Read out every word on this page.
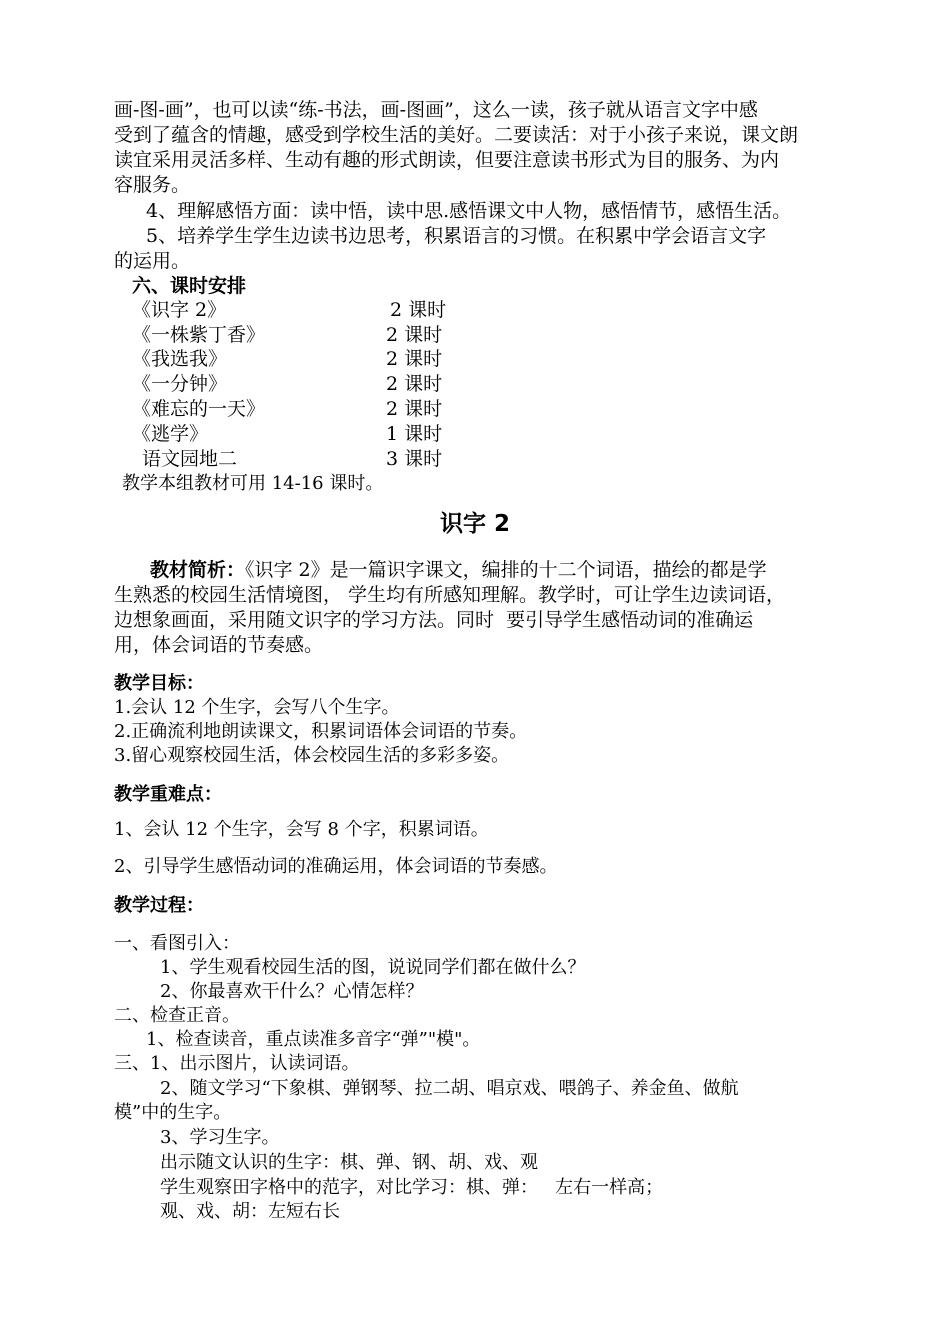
画-图-画”，也可以读“练-书法，画-图画”，这么一读，孩子就从语言文字中感
受到了蕴含的情趣，感受到学校生活的美好。二要读活：对于小孩子来说，课文朗
读宜采用灵活多样、生动有趣的形式朗读，但要注意读书形式为目的服务、为内
容服务。
4、理解感悟方面：读中悟，读中思.感悟课文中人物，感悟情节，感悟生活。
5、培养学生学生边读书边思考，积累语言的习惯。在积累中学会语言文字
的运用。
六、课时安排
《识字 2》	2 课时
《一株紫丁香》	2 课时
《我选我》	2 课时
《一分钟》	2 课时
《难忘的一天》	2 课时
《逃学》	1 课时
语文园地二	3 课时
教学本组教材可用 14-16 课时。
识字 2
教材简析：《识字 2》是一篇识字课文，编排的十二个词语，描绘的都是学
生熟悉的校园生活情境图， 学生均有所感知理解。教学时，可让学生边读词语，
边想象画面，采用随文识字的学习方法。同时  要引导学生感悟动词的准确运
用，体会词语的节奏感。
教学目标：
1.会认 12 个生字，会写八个生字。
2.正确流利地朗读课文，积累词语体会词语的节奏。
3.留心观察校园生活，体会校园生活的多彩多姿。
教学重难点：
1、会认 12 个生字，会写 8 个字，积累词语。
2、引导学生感悟动词的准确运用，体会词语的节奏感。
教学过程：
一、看图引入：
1、学生观看校园生活的图，说说同学们都在做什么？
2、你最喜欢干什么？心情怎样？
二、检查正音。
1、检查读音，重点读准多音字“弹”"模"。
三、1、出示图片，认读词语。
2、随文学习“下象棋、弹钢琴、拉二胡、唱京戏、喂鸽子、养金鱼、做航
模”中的生字。
3、学习生字。
出示随文认识的生字：棋、弹、钢、胡、戏、观
学生观察田字格中的范字，对比学习：棋、弹：   左右一样高；
观、戏、胡：左短右长
